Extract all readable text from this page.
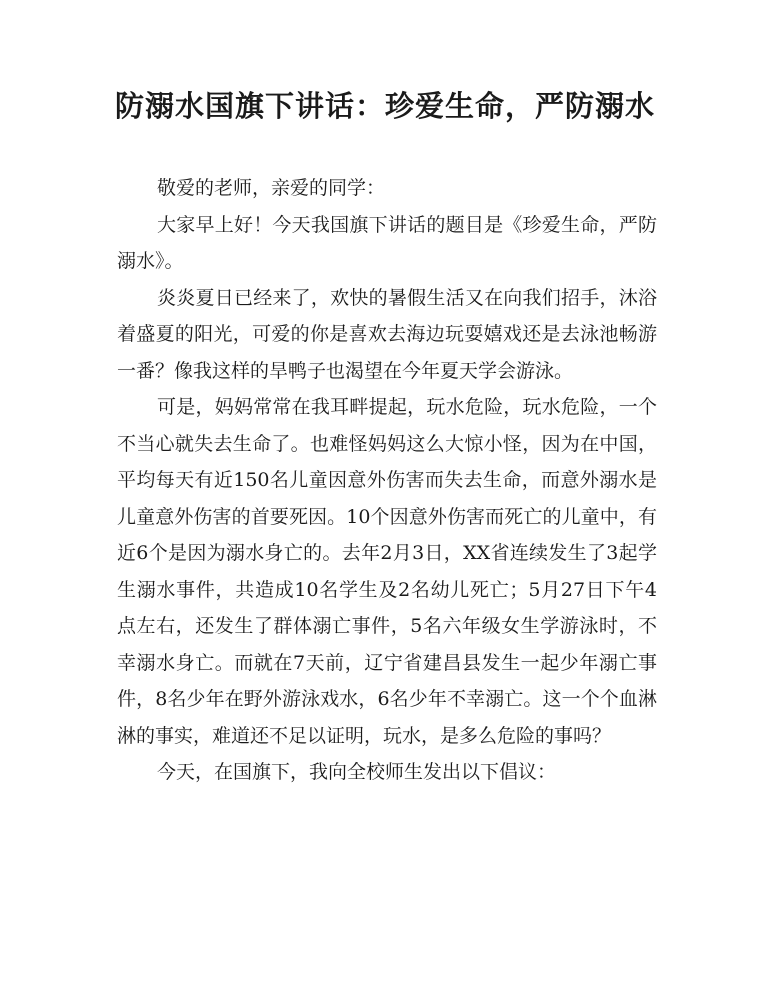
防溺水国旗下讲话：珍爱生命，严防溺水

敬爱的老师，亲爱的同学：

大家早上好！今天我国旗下讲话的题目是《珍爱生命，严防溺水》。

炎炎夏日已经来了，欢快的暑假生活又在向我们招手，沐浴着盛夏的阳光，可爱的你是喜欢去海边玩耍嬉戏还是去泳池畅游一番？像我这样的旱鸭子也渴望在今年夏天学会游泳。

可是，妈妈常常在我耳畔提起，玩水危险，玩水危险，一个不当心就失去生命了。也难怪妈妈这么大惊小怪，因为在中国，平均每天有近150名儿童因意外伤害而失去生命，而意外溺水是儿童意外伤害的首要死因。10个因意外伤害而死亡的儿童中，有近6个是因为溺水身亡的。去年2月3日，XX省连续发生了3起学生溺水事件，共造成10名学生及2名幼儿死亡；5月27日下午4点左右，还发生了群体溺亡事件，5名六年级女生学游泳时，不幸溺水身亡。而就在7天前，辽宁省建昌县发生一起少年溺亡事件，8名少年在野外游泳戏水，6名少年不幸溺亡。这一个个血淋淋的事实，难道还不足以证明，玩水，是多么危险的事吗？

今天，在国旗下，我向全校师生发出以下倡议：
